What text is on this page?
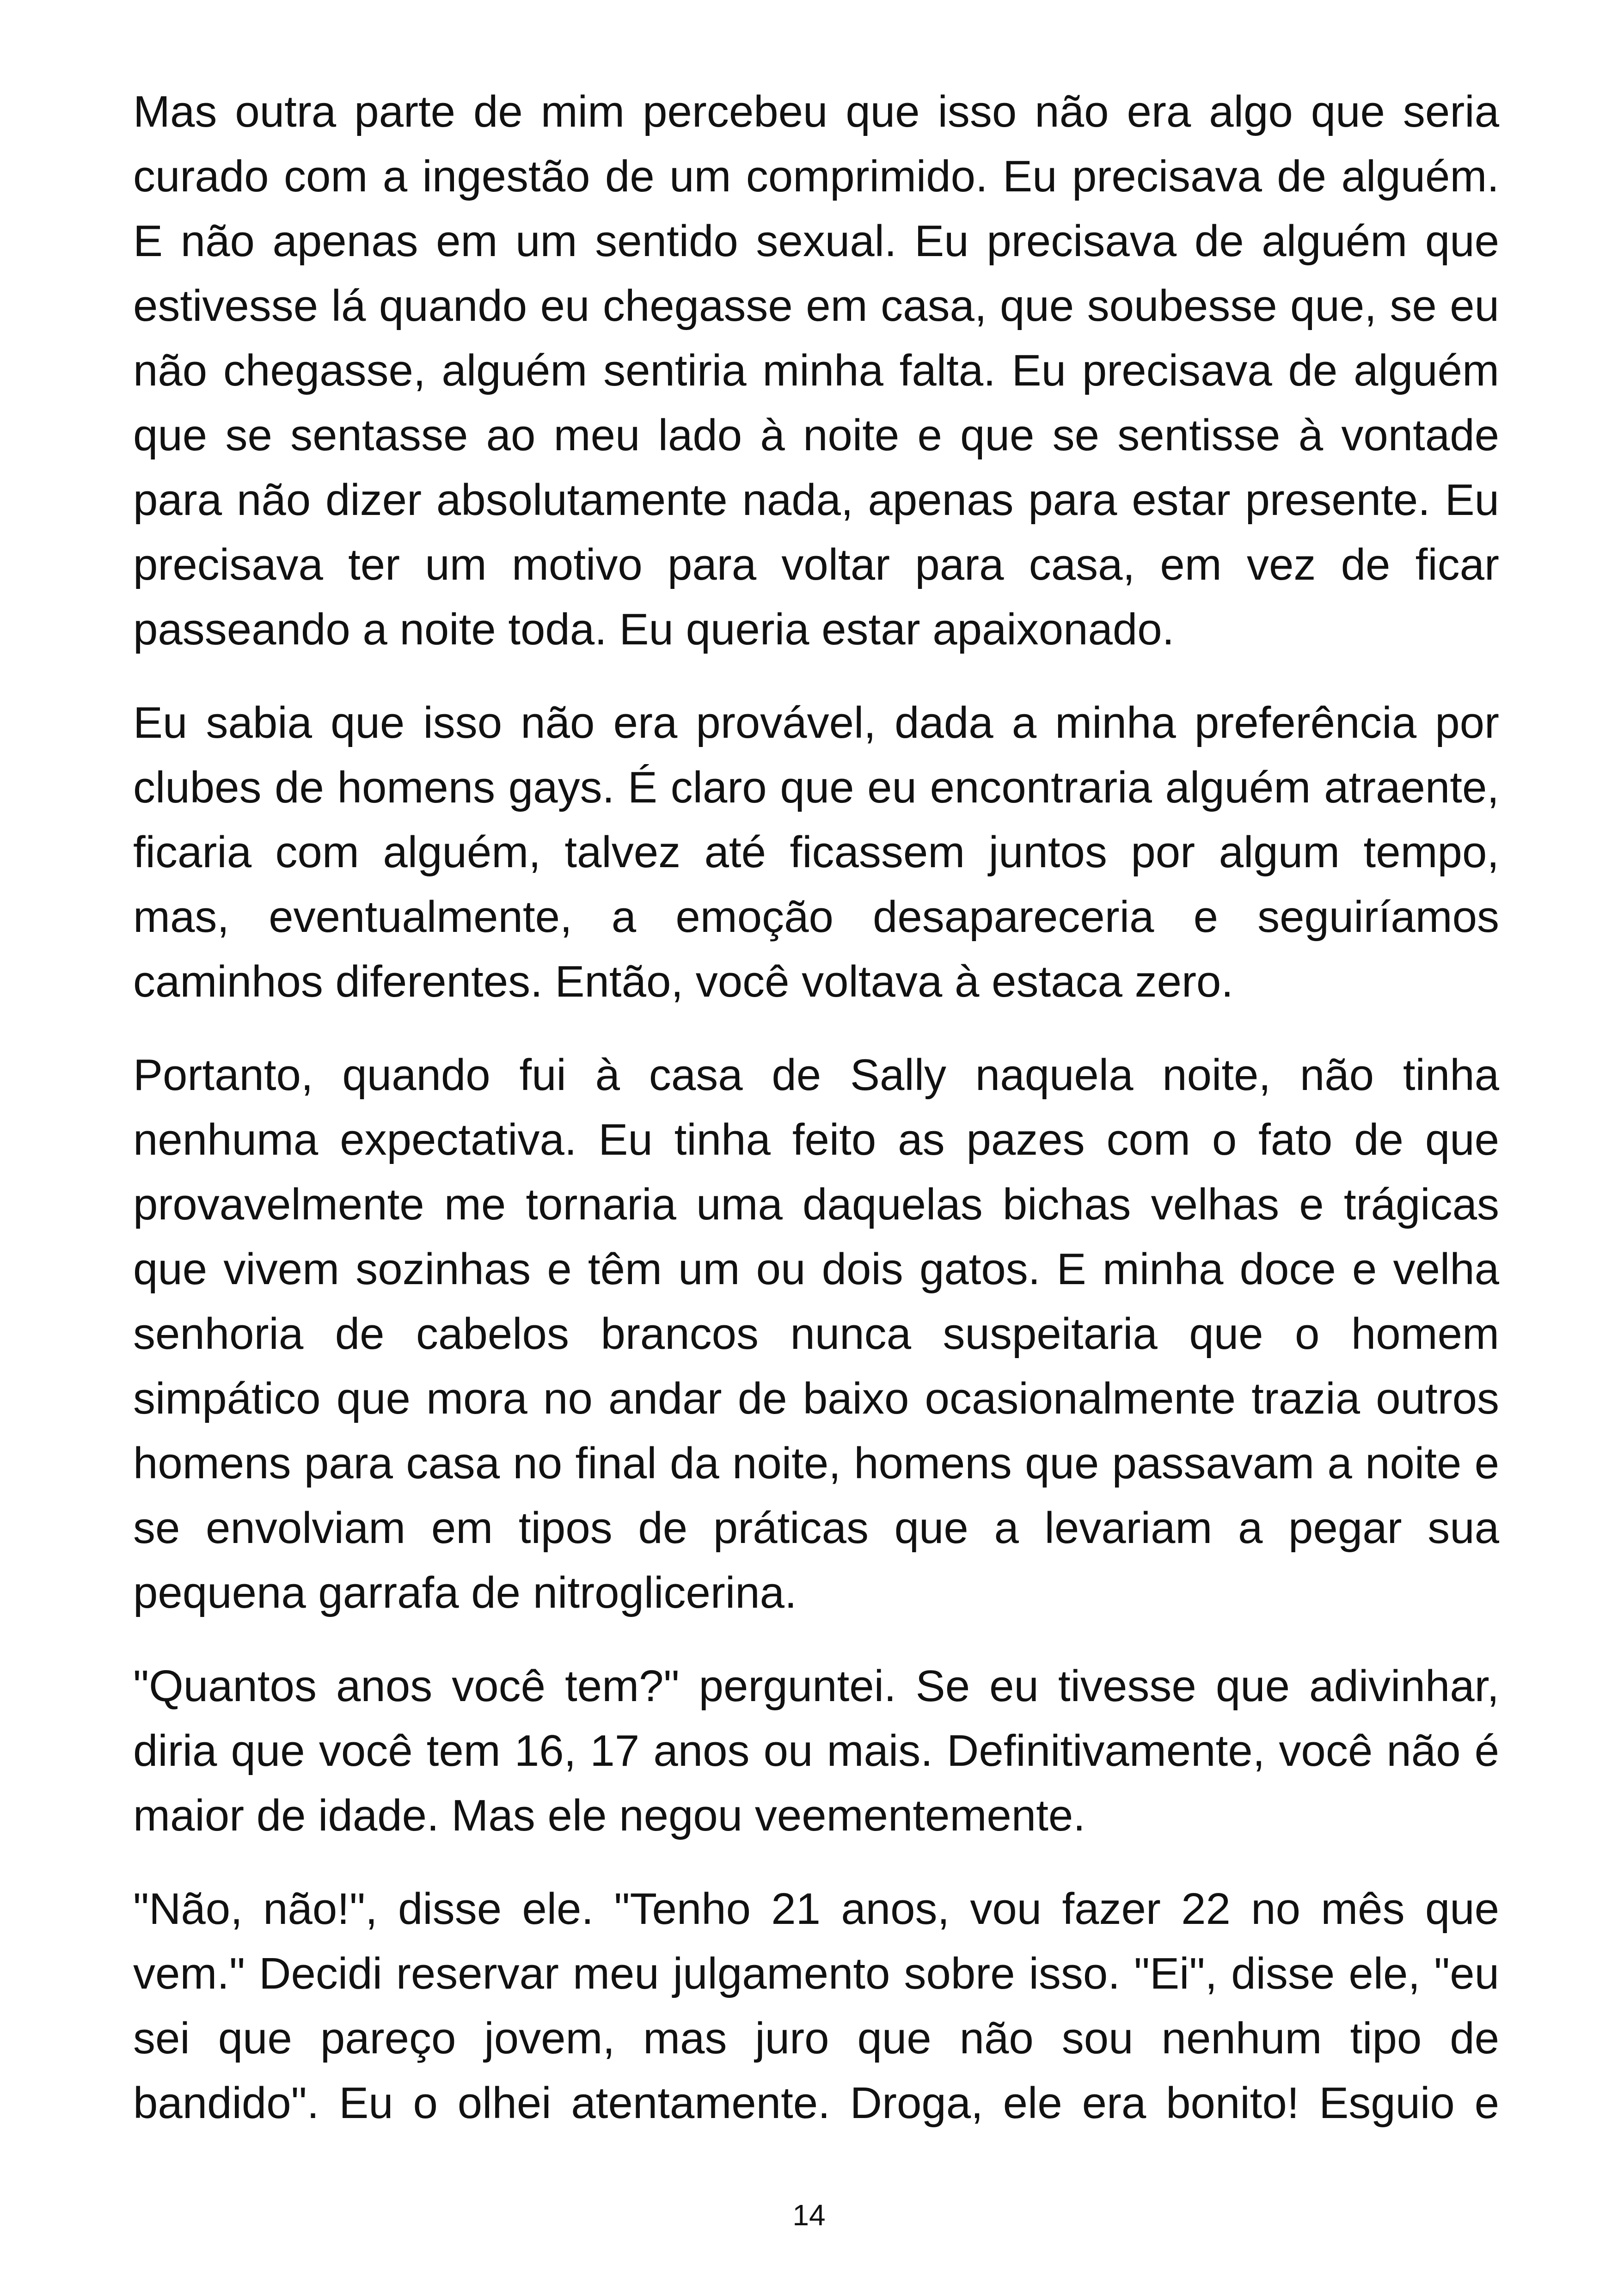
Mas outra parte de mim percebeu que isso não era algo que seria curado com a ingestão de um comprimido. Eu precisava de alguém. E não apenas em um sentido sexual. Eu precisava de alguém que estivesse lá quando eu chegasse em casa, que soubesse que, se eu não chegasse, alguém sentiria minha falta. Eu precisava de alguém que se sentasse ao meu lado à noite e que se sentisse à vontade para não dizer absolutamente nada, apenas para estar presente. Eu precisava ter um motivo para voltar para casa, em vez de ficar passeando a noite toda. Eu queria estar apaixonado.

Eu sabia que isso não era provável, dada a minha preferência por clubes de homens gays. É claro que eu encontraria alguém atraente, ficaria com alguém, talvez até ficassem juntos por algum tempo, mas, eventualmente, a emoção desapareceria e seguiríamos caminhos diferentes. Então, você voltava à estaca zero.

Portanto, quando fui à casa de Sally naquela noite, não tinha nenhuma expectativa. Eu tinha feito as pazes com o fato de que provavelmente me tornaria uma daquelas bichas velhas e trágicas que vivem sozinhas e têm um ou dois gatos. E minha doce e velha senhoria de cabelos brancos nunca suspeitaria que o homem simpático que mora no andar de baixo ocasionalmente trazia outros homens para casa no final da noite, homens que passavam a noite e se envolviam em tipos de práticas que a levariam a pegar sua pequena garrafa de nitroglicerina.

"Quantos anos você tem?" perguntei. Se eu tivesse que adivinhar, diria que você tem 16, 17 anos ou mais. Definitivamente, você não é maior de idade. Mas ele negou veementemente.

"Não, não!", disse ele. "Tenho 21 anos, vou fazer 22 no mês que vem." Decidi reservar meu julgamento sobre isso. "Ei", disse ele, "eu sei que pareço jovem, mas juro que não sou nenhum tipo de bandido". Eu o olhei atentamente. Droga, ele era bonito! Esguio e

14
